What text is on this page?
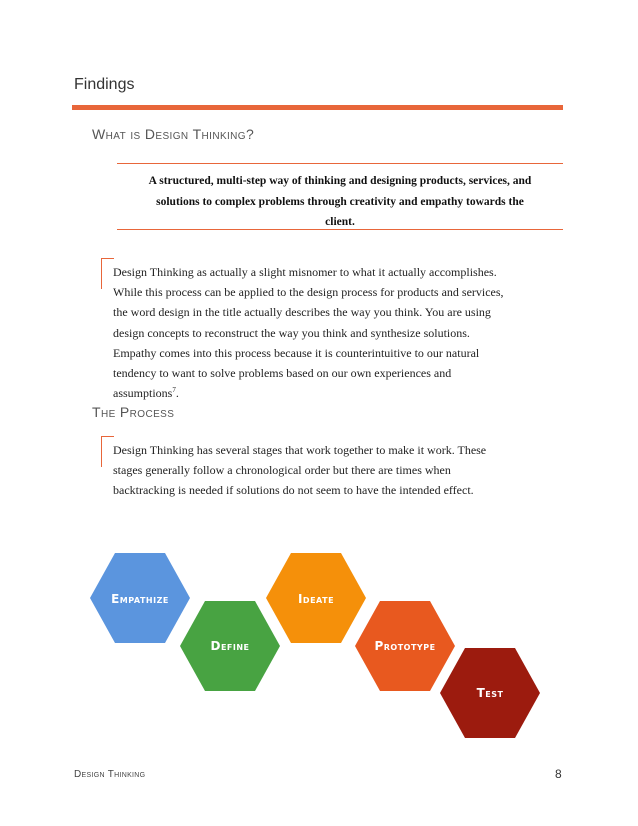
Findings
What is Design Thinking?
A structured, multi-step way of thinking and designing products, services, and
solutions to complex problems through creativity and empathy towards the
client.
Design Thinking as actually a slight misnomer to what it actually accomplishes.
While this process can be applied to the design process for products and services,
the word design in the title actually describes the way you think. You are using
design concepts to reconstruct the way you think and synthesize solutions.
Empathy comes into this process because it is counterintuitive to our natural
tendency to want to solve problems based on our own experiences and
assumptions$^7$.
The Process
Design Thinking has several stages that work together to make it work. These
stages generally follow a chronological order but there are times when
backtracking is needed if solutions do not seem to have the intended effect.
Empathize
Define
Ideate
Prototype
Test
Design Thinking	8
